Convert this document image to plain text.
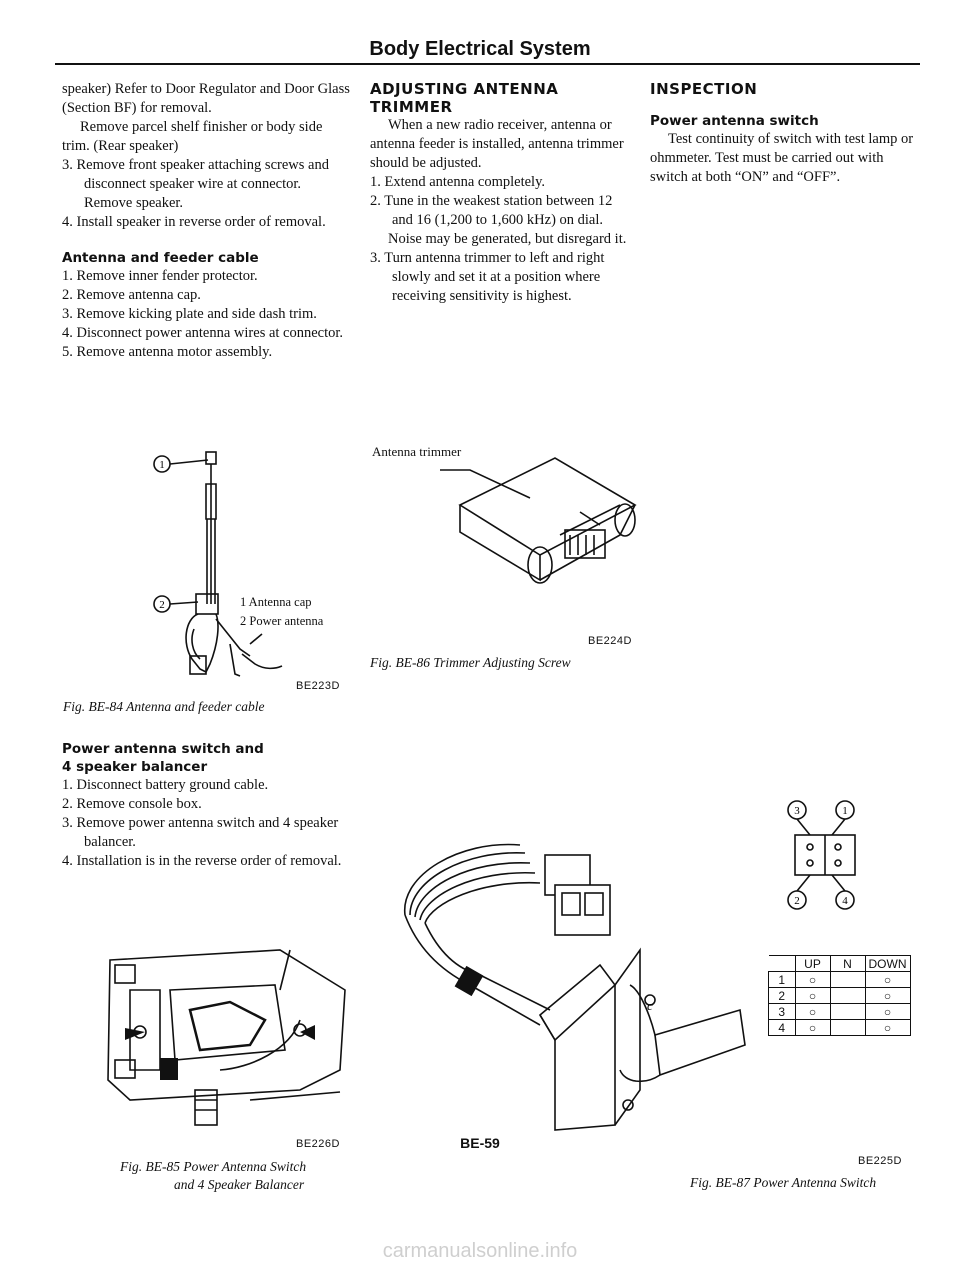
Body Electrical System

speaker) Refer to Door Regulator and Door Glass (Section BF) for removal.

Remove parcel shelf finisher or body side trim. (Rear speaker)

3. Remove front speaker attaching screws and disconnect speaker wire at connector. Remove speaker.

4. Install speaker in reverse order of removal.

Antenna and feeder cable

1. Remove inner fender protector.

2. Remove antenna cap.

3. Remove kicking plate and side dash trim.

4. Disconnect power antenna wires at connector.

5. Remove antenna motor assembly.

1
2	1 Antenna cap
2 Power antenna
BE223D
Fig. BE-84 Antenna and feeder cable

Power antenna switch and

4 speaker balancer

1. Disconnect battery ground cable.

2. Remove console box.

3. Remove power antenna switch and 4 speaker balancer.

4. Installation is in the reverse order of removal.

BE226D
Fig. BE-85 Power Antenna Switch
and 4 Speaker Balancer

ADJUSTING ANTENNA

TRIMMER

When a new radio receiver, antenna or antenna feeder is installed, antenna trimmer should be adjusted.

1. Extend antenna completely.

2. Tune in the weakest station between 12 and 16 (1,200 to 1,600 kHz) on dial.

Noise may be generated, but disregard it.

3. Turn antenna trimmer to left and right slowly and set it at a position where receiving sensitivity is highest.

Antenna trimmer
BE224D
Fig. BE-86 Trimmer Adjusting Screw

INSPECTION

Power antenna switch

Test continuity of switch with test lamp or ohmmeter. Test must be carried out with switch at both “ON” and “OFF”.

c
3	1
2	4
	UP	N	DOWN
1	○		○
2	○		○
3	○		○
4	○		○
BE225D
Fig. BE-87 Power Antenna Switch
BE-59
carmanualsonline.info
